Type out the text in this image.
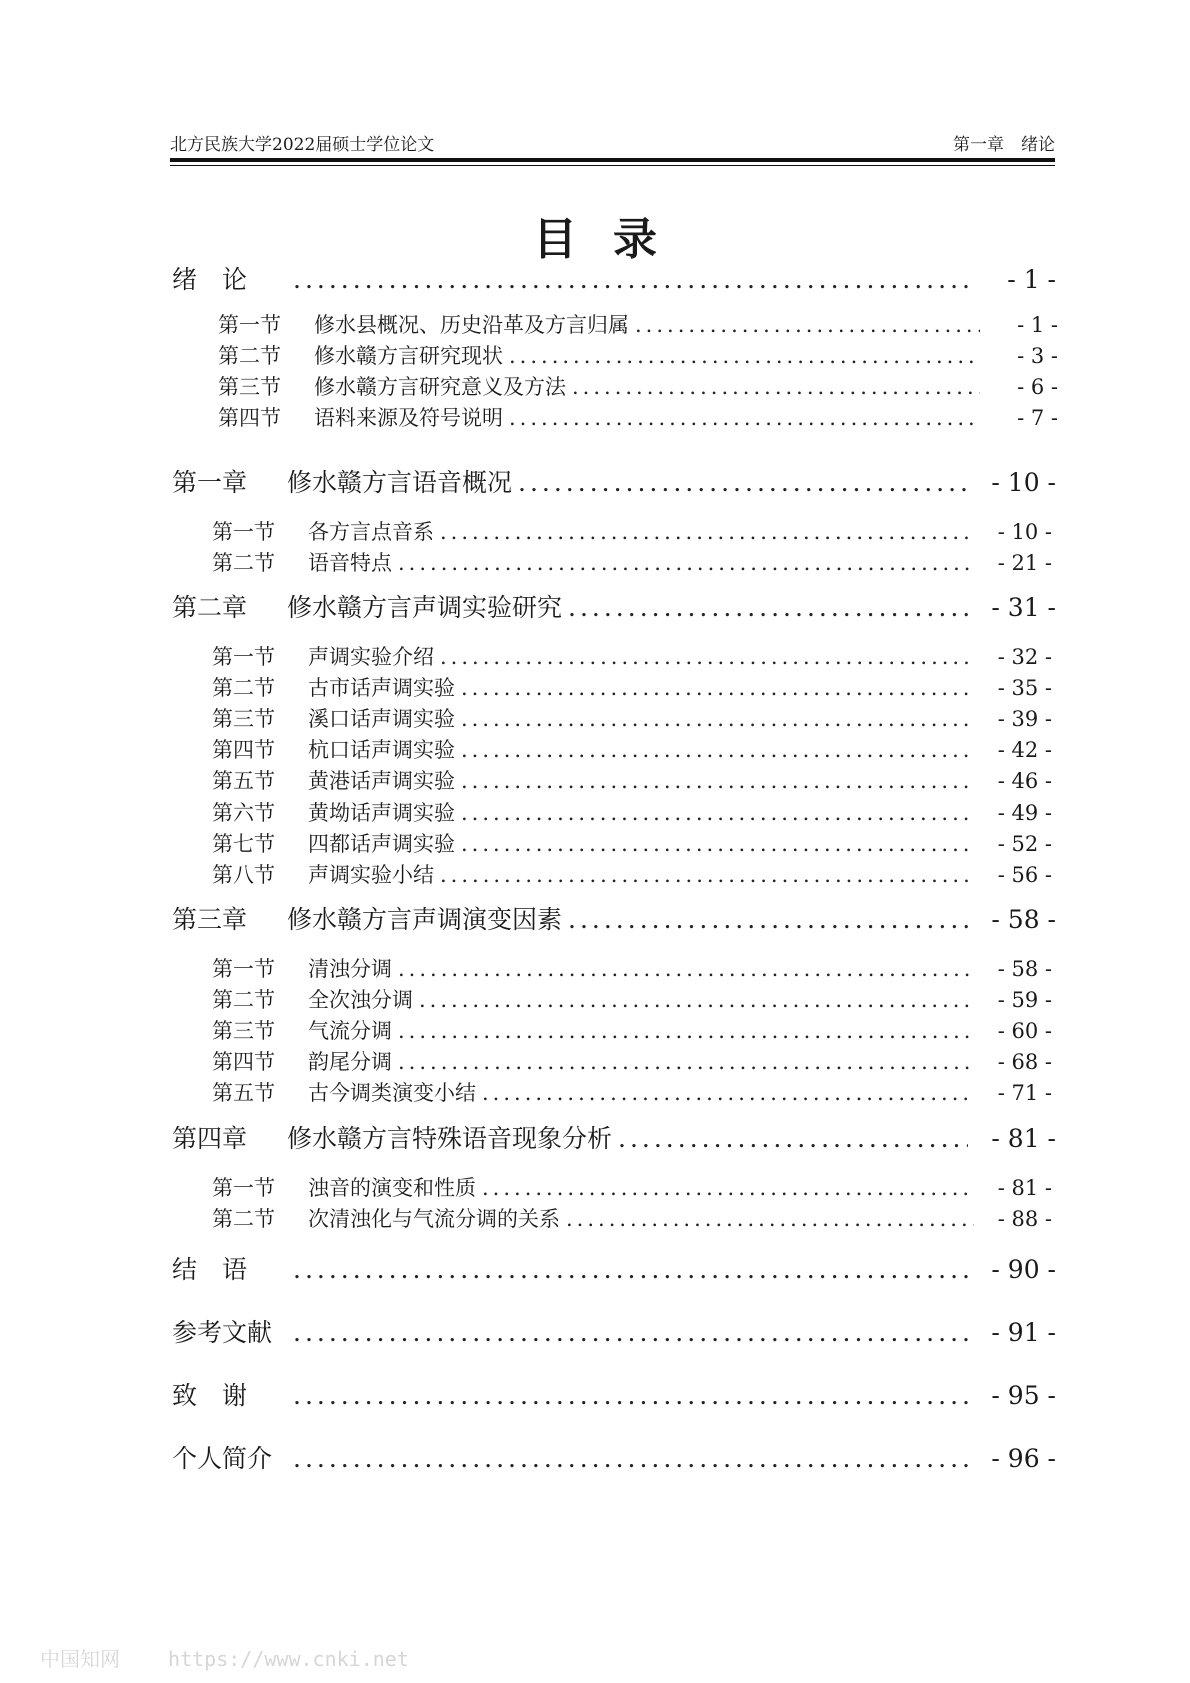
北方民族大学2022届硕士学位论文	第一章　绪论
目录
绪　论 .....	- 1 -
第一节	修水县概况、历史沿革及方言归属 .....	- 1 -
第二节	修水赣方言研究现状 .....	- 3 -
第三节	修水赣方言研究意义及方法 .....	- 6 -
第四节	语料来源及符号说明 .....	- 7 -
第一章	修水赣方言语音概况 .....	- 10 -
第一节	各方言点音系 .....	- 10 -
第二节	语音特点 .....	- 21 -
第二章	修水赣方言声调实验研究 .....	- 31 -
第一节	声调实验介绍 .....	- 32 -
第二节	古市话声调实验 .....	- 35 -
第三节	溪口话声调实验 .....	- 39 -
第四节	杭口话声调实验 .....	- 42 -
第五节	黄港话声调实验 .....	- 46 -
第六节	黄坳话声调实验 .....	- 49 -
第七节	四都话声调实验 .....	- 52 -
第八节	声调实验小结 .....	- 56 -
第三章	修水赣方言声调演变因素 .....	- 58 -
第一节	清浊分调 .....	- 58 -
第二节	全次浊分调 .....	- 59 -
第三节	气流分调 .....	- 60 -
第四节	韵尾分调 .....	- 68 -
第五节	古今调类演变小结 .....	- 71 -
第四章	修水赣方言特殊语音现象分析 .....	- 81 -
第一节	浊音的演变和性质 .....	- 81 -
第二节	次清浊化与气流分调的关系 .....	- 88 -
结　语 .....	- 90 -
参考文献 .....	- 91 -
致　谢 .....	- 95 -
个人简介 .....	- 96 -
中国知网 https://www.cnki.net
